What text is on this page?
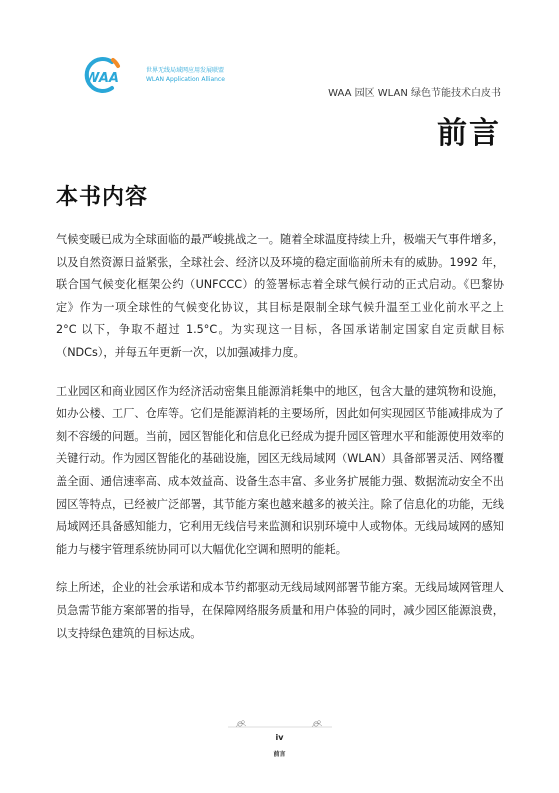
WAA
世界无线局域网应用发展联盟
WLAN Application Alliance
WAA 园区 WLAN 绿色节能技术白皮书
前言
本书内容

气候变暖已成为全球面临的最严峻挑战之一。随着全球温度持续上升，极端天气事件增多，以及自然资源日益紧张，全球社会、经济以及环境的稳定面临前所未有的威胁。1992 年，联合国气候变化框架公约（UNFCCC）的签署标志着全球气候行动的正式启动。《巴黎协定》作为一项全球性的气候变化协议，其目标是限制全球气候升温至工业化前水平之上 2°C 以下，争取不超过 1.5°C。为实现这一目标，各国承诺制定国家自定贡献目标（NDCs），并每五年更新一次，以加强减排力度。

工业园区和商业园区作为经济活动密集且能源消耗集中的地区，包含大量的建筑物和设施，如办公楼、工厂、仓库等。它们是能源消耗的主要场所，因此如何实现园区节能减排成为了刻不容缓的问题。当前，园区智能化和信息化已经成为提升园区管理水平和能源使用效率的关键行动。作为园区智能化的基础设施，园区无线局域网（WLAN）具备部署灵活、网络覆盖全面、通信速率高、成本效益高、设备生态丰富、多业务扩展能力强、数据流动安全不出园区等特点，已经被广泛部署，其节能方案也越来越多的被关注。除了信息化的功能，无线局域网还具备感知能力，它利用无线信号来监测和识别环境中人或物体。无线局域网的感知能力与楼宇管理系统协同可以大幅优化空调和照明的能耗。

综上所述，企业的社会承诺和成本节约都驱动无线局域网部署节能方案。无线局域网管理人员急需节能方案部署的指导，在保障网络服务质量和用户体验的同时，减少园区能源浪费，以支持绿色建筑的目标达成。

iv
前言
